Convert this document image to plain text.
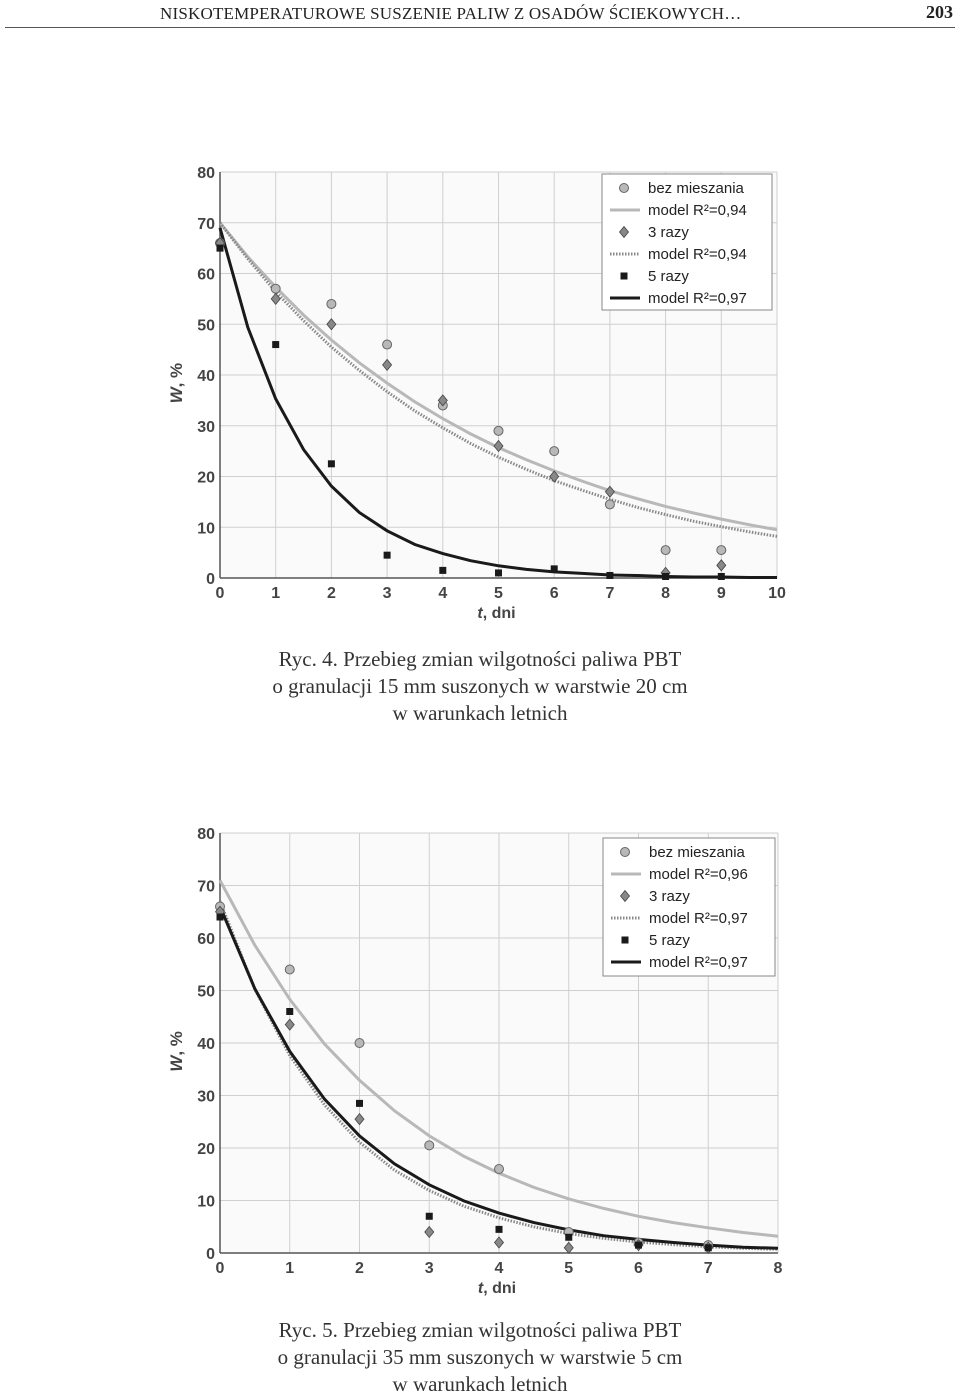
NISKOTEMPERATUROWE SUSZENIE PALIW Z OSADÓW ŚCIEKOWYCH…	203
0	1	2	3	4	5	6	7	8	9	10
0
10
20
30
40
50
60
70
80
t, dni
W, %
bez mieszania
model R²=0,94
3 razy
model R²=0,94
5 razy
model R²=0,97
Ryc. 4. Przebieg zmian wilgotności paliwa PBT
o granulacji 15 mm suszonych w warstwie 20 cm
w warunkach letnich
0	1	2	3	4	5	6	7	8
0
10
20
30
40
50
60
70
80
t, dni
W, %
bez mieszania
model R²=0,96
3 razy
model R²=0,97
5 razy
model R²=0,97
Ryc. 5. Przebieg zmian wilgotności paliwa PBT
o granulacji 35 mm suszonych w warstwie 5 cm
w warunkach letnich
